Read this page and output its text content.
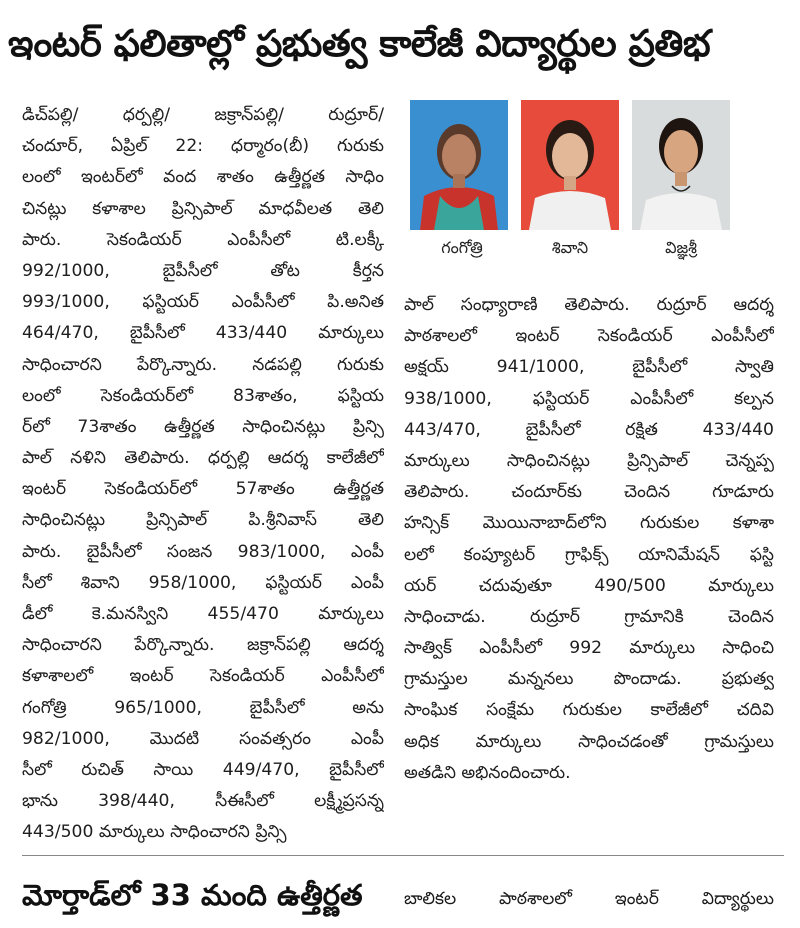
ఇంటర్ ఫలితాల్లో ప్రభుత్వ కాలేజీ విద్యార్థుల ప్రతిభ
డిచ్‌పల్లి/ ధర్పల్లి/ జక్రాన్‌పల్లి/ రుద్రూర్/
చందూర్, ఏప్రిల్ 22: ధర్మారం(బీ) గురుకు
లంలో ఇంటర్‌లో వంద శాతం ఉత్తీర్ణత సాధిం
చినట్లు కళాశాల ప్రిన్సిపాల్ మాధవీలత తెలి
పారు. సెకండియర్ ఎంపీసీలో టి.లక్కీ
992/1000, బైపీసీలో తోట కీర్తన
993/1000, ఫస్టియర్ ఎంపీసీలో పి.అనిత
464/470, బైపీసీలో 433/440 మార్కులు
సాధించారని పేర్కొన్నారు. నడపల్లి గురుకు
లంలో సెకండియర్‌లో 83శాతం, ఫస్టియ
ర్‌లో 73శాతం ఉత్తీర్ణత సాధించినట్లు ప్రిన్సి
పాల్ నళిని తెలిపారు. ధర్పల్లి ఆదర్శ కాలేజీలో
ఇంటర్ సెకండియర్‌లో 57శాతం ఉత్తీర్ణత
సాధించినట్లు ప్రిన్సిపాల్ పి.శ్రీనివాస్ తెలి
పారు. బైపీసీలో సంజన 983/1000, ఎంపీ
సీలో శివాని 958/1000, ఫస్టియర్ ఎంపీ
డీలో కె.మనస్విని 455/470 మార్కులు
సాధించారని పేర్కొన్నారు. జక్రాన్‌పల్లి ఆదర్శ
కళాశాలలో ఇంటర్ సెకండియర్ ఎంపీసీలో
గంగోత్రి 965/1000, బైపీసీలో అను
982/1000, మొదటి సంవత్సరం ఎంపీ
సీలో రుచిత్ సాయి 449/470, బైపీసీలో
భాను 398/440, సీఈసీలో లక్ష్మీప్రసన్న
443/500 మార్కులు సాధించారని ప్రిన్సి
గంగోత్రి	శివాని	విజ్ఞశ్రీ
పాల్ సంధ్యారాణి తెలిపారు. రుద్రూర్ ఆదర్శ
పాఠశాలలో ఇంటర్ సెకండియర్ ఎంపీసీలో
అక్షయ్ 941/1000, బైపీసీలో స్వాతి
938/1000, ఫస్టియర్ ఎంపీసీలో కల్పన
443/470, బైపీసీలో రక్షిత 433/440
మార్కులు సాధించినట్లు ప్రిన్సిపాల్ చెన్నప్ప
తెలిపారు. చందూర్‌కు చెందిన గూడూరు
హన్సిక్ మొయినాబాద్‌లోని గురుకుల కళాశా
లలో కంప్యూటర్ గ్రాఫిక్స్ యానిమేషన్ ఫస్టి
యర్ చదువుతూ 490/500 మార్కులు
సాధించాడు. రుద్రూర్ గ్రామానికి చెందిన
సాత్విక్ ఎంపీసీలో 992 మార్కులు సాధించి
గ్రామస్తుల మన్ననలు పొందాడు. ప్రభుత్వ
సాంఘిక సంక్షేమ గురుకుల కాలేజీలో చదివి
అధిక మార్కులు సాధించడంతో గ్రామస్తులు
అతడిని అభినందించారు.
మోర్తాడ్‌లో 33 మంది ఉత్తీర్ణత	బాలికల పాఠశాలలో ఇంటర్ విద్యార్థులు
